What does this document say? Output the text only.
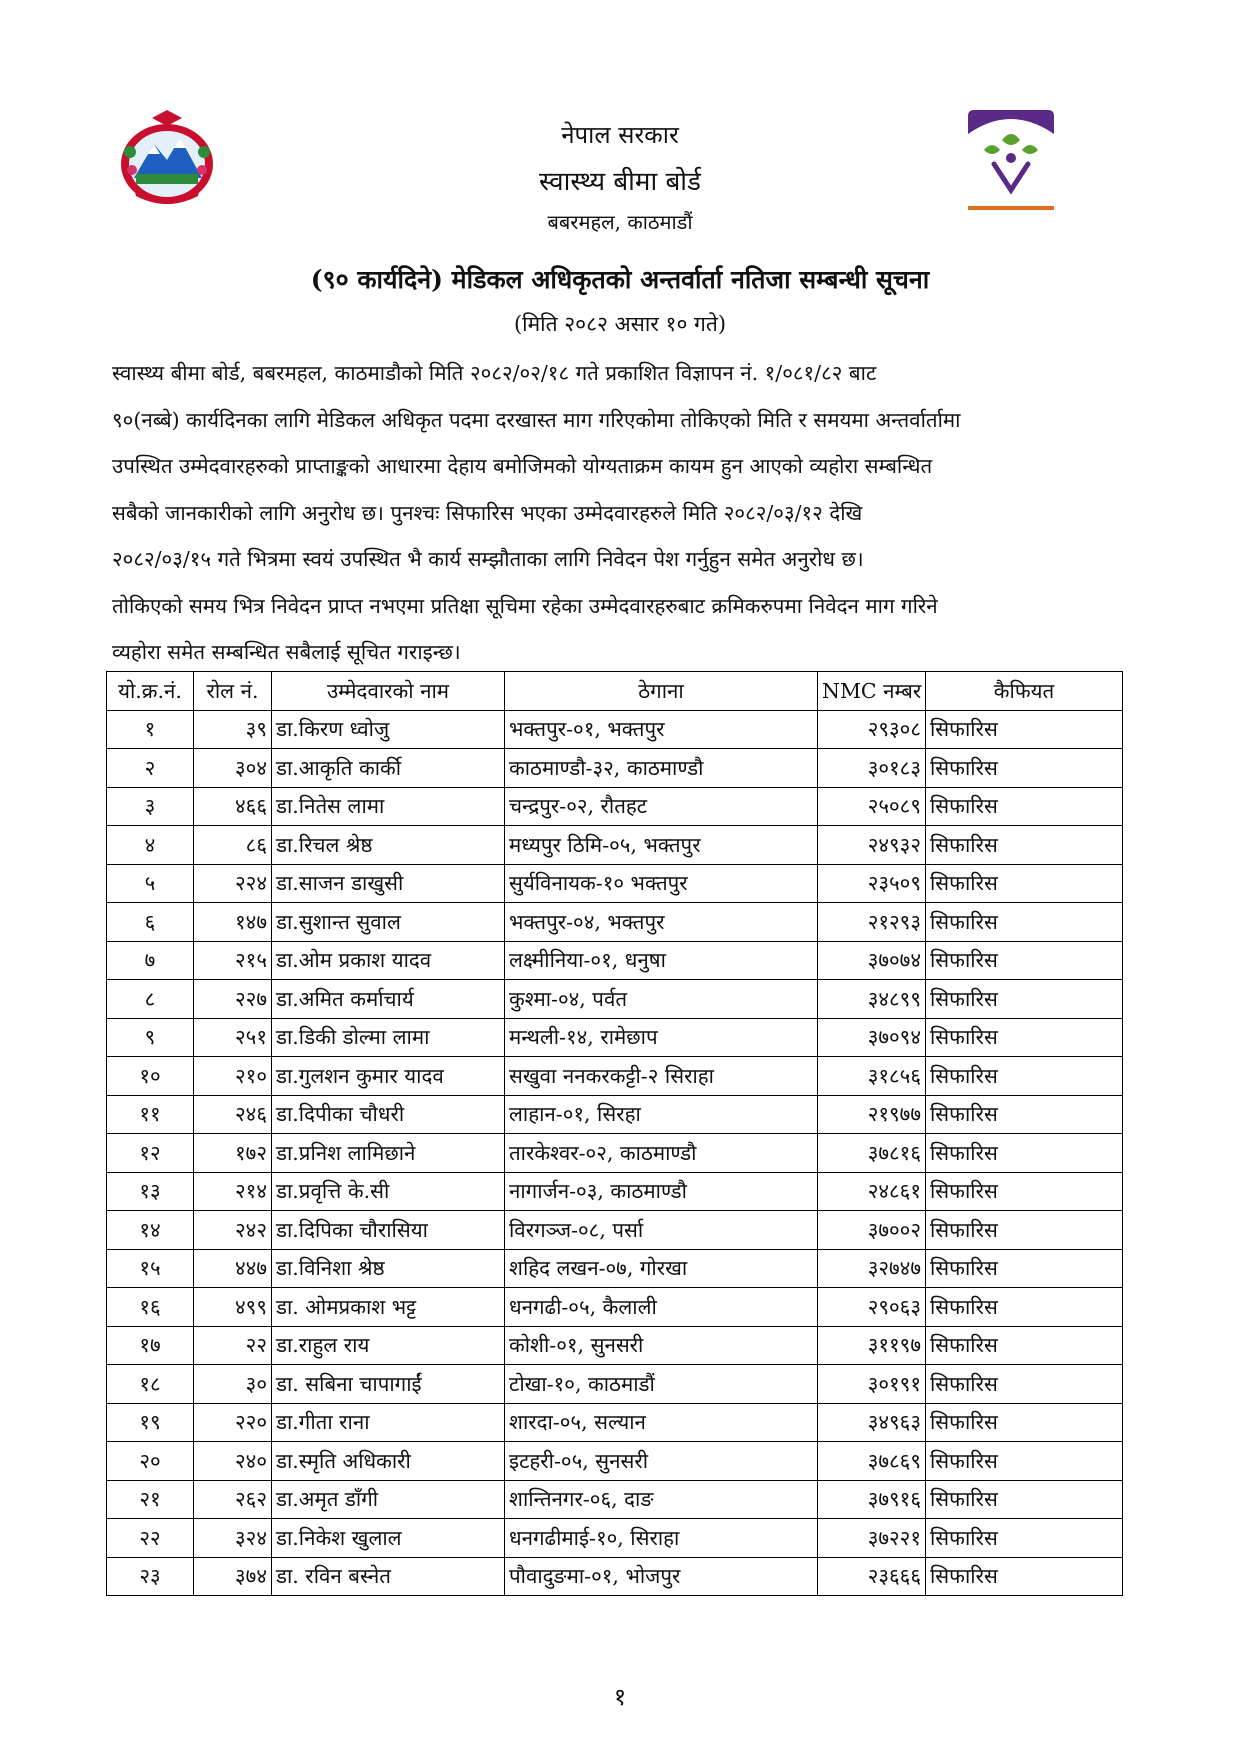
नेपाल सरकार
स्वास्थ्य बीमा बोर्ड
बबरमहल, काठमाडौं
(९० कार्यदिने) मेडिकल अधिकृतको अन्तर्वार्ता नतिजा सम्बन्धी सूचना
(मिति २०८२ असार १० गते)
स्वास्थ्य बीमा बोर्ड, बबरमहल, काठमाडौको मिति २०८२/०२/१८ गते प्रकाशित विज्ञापन नं. १/०८१/८२ बाट
९०(नब्बे) कार्यदिनका लागि मेडिकल अधिकृत पदमा दरखास्त माग गरिएकोमा तोकिएको मिति र समयमा अन्तर्वार्तामा
उपस्थित उम्मेदवारहरुको प्राप्ताङ्कको आधारमा देहाय बमोजिमको योग्यताक्रम कायम हुन आएको व्यहोरा सम्बन्धित
सबैको जानकारीको लागि अनुरोध छ। पुनश्चः सिफारिस भएका उम्मेदवारहरुले मिति २०८२/०३/१२ देखि
२०८२/०३/१५ गते भित्रमा स्वयं उपस्थित भै कार्य सम्झौताका लागि निवेदन पेश गर्नुहुन समेत अनुरोध छ।
तोकिएको समय भित्र निवेदन प्राप्त नभएमा प्रतिक्षा सूचिमा रहेका उम्मेदवारहरुबाट क्रमिकरुपमा निवेदन माग गरिने
व्यहोरा समेत सम्बन्धित सबैलाई सूचित गराइन्छ।
यो.क्र.नं.	रोल नं.	उम्मेदवारको नाम	ठेगाना	NMC नम्बर	कैफियत
१	३९	डा.किरण ध्वोजु	भक्तपुर-०१, भक्तपुर	२९३०८	सिफारिस
२	३०४	डा.आकृति कार्की	काठमाण्डौ-३२, काठमाण्डौ	३०१८३	सिफारिस
३	४६६	डा.नितेस लामा	चन्द्रपुर-०२, रौतहट	२५०८९	सिफारिस
४	८६	डा.रिचल श्रेष्ठ	मध्यपुर ठिमि-०५, भक्तपुर	२४९३२	सिफारिस
५	२२४	डा.साजन डाखुसी	सुर्यविनायक-१० भक्तपुर	२३५०९	सिफारिस
६	१४७	डा.सुशान्त सुवाल	भक्तपुर-०४, भक्तपुर	२१२९३	सिफारिस
७	२१५	डा.ओम प्रकाश यादव	लक्ष्मीनिया-०१, धनुषा	३७०७४	सिफारिस
८	२२७	डा.अमित कर्माचार्य	कुश्मा-०४, पर्वत	३४८९९	सिफारिस
९	२५१	डा.डिकी डोल्मा लामा	मन्थली-१४, रामेछाप	३७०९४	सिफारिस
१०	२१०	डा.गुलशन कुमार यादव	सखुवा ननकरकट्टी-२ सिराहा	३१८५६	सिफारिस
११	२४६	डा.दिपीका चौधरी	लाहान-०१, सिरहा	२१९७७	सिफारिस
१२	१७२	डा.प्रनिश लामिछाने	तारकेश्वर-०२, काठमाण्डौ	३७८१६	सिफारिस
१३	२१४	डा.प्रवृत्ति के.सी	नागार्जन-०३, काठमाण्डौ	२४८६१	सिफारिस
१४	२४२	डा.दिपिका चौरासिया	विरगञ्ज-०८, पर्सा	३७००२	सिफारिस
१५	४४७	डा.विनिशा श्रेष्ठ	शहिद लखन-०७, गोरखा	३२७४७	सिफारिस
१६	४९९	डा. ओमप्रकाश भट्ट	धनगढी-०५, कैलाली	२९०६३	सिफारिस
१७	२२	डा.राहुल राय	कोशी-०१, सुनसरी	३११९७	सिफारिस
१८	३०	डा. सबिना चापागाईं	टोखा-१०, काठमाडौं	३०१९१	सिफारिस
१९	२२०	डा.गीता राना	शारदा-०५, सल्यान	३४९६३	सिफारिस
२०	२४०	डा.स्मृति अधिकारी	इटहरी-०५, सुनसरी	३७८६९	सिफारिस
२१	२६२	डा.अमृत डाँगी	शान्तिनगर-०६, दाङ	३७९१६	सिफारिस
२२	३२४	डा.निकेश खुलाल	धनगढीमाई-१०, सिराहा	३७२२१	सिफारिस
२३	३७४	डा. रविन बस्नेत	पौवादुङमा-०१, भोजपुर	२३६६६	सिफारिस
१
